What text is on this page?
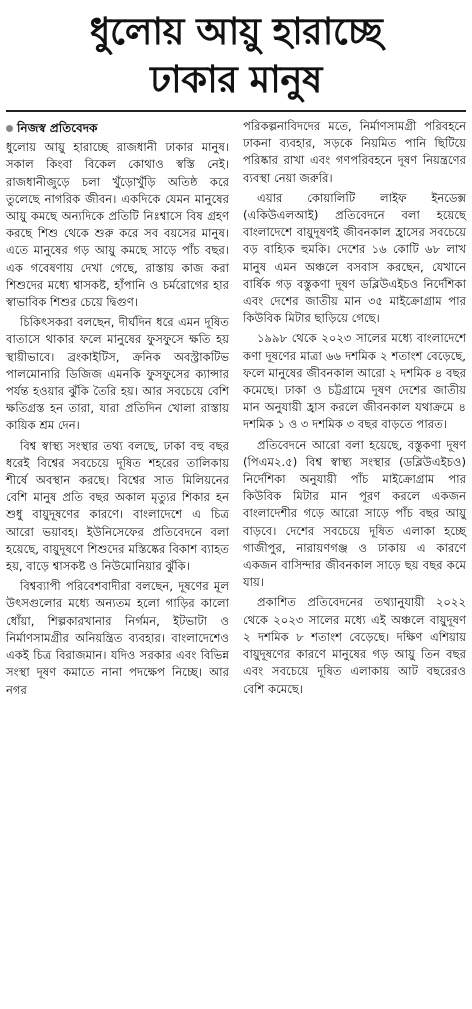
ধুলোয় আয়ু হারাচ্ছে
ঢাকার মানুষ
নিজস্ব প্রতিবেদক

ধুলোয় আয়ু হারাচ্ছে রাজধানী ঢাকার মানুষ। সকাল কিংবা বিকেল কোথাও স্বস্তি নেই। রাজধানীজুড়ে চলা খুঁড়োখুঁড়ি অতিষ্ঠ করে তুলেছে নাগরিক জীবন। একদিকে যেমন মানুষের আয়ু কমছে অন্যদিকে প্রতিটি নিঃশ্বাসে বিষ গ্রহণ করছে শিশু থেকে শুরু করে সব বয়সের মানুষ। এতে মানুষের গড় আয়ু কমছে সাড়ে পাঁচ বছর। এক গবেষণায় দেখা গেছে, রাস্তায় কাজ করা শিশুদের মধ্যে শ্বাসকষ্ট, হাঁপানি ও চর্মরোগের হার স্বাভাবিক শিশুর চেয়ে দ্বিগুণ।

চিকিৎসকরা বলছেন, দীর্ঘদিন ধরে এমন দূষিত বাতাসে থাকার ফলে মানুষের ফুসফুসে ক্ষতি হয় স্থায়ীভাবে। ব্রংকাইটিস, ক্রনিক অবস্ট্রাকটিভ পালমোনারি ডিজিজ এমনকি ফুসফুসের ক্যান্সার পর্যন্ত হওয়ার ঝুঁকি তৈরি হয়। আর সবচেয়ে বেশি ক্ষতিগ্রস্ত হন তারা, যারা প্রতিদিন খোলা রাস্তায় কায়িক শ্রম দেন।

বিশ্ব স্বাস্থ্য সংস্থার তথ্য বলছে, ঢাকা বহু বছর ধরেই বিশ্বের সবচেয়ে দূষিত শহরের তালিকায় শীর্ষে অবস্থান করছে। বিশ্বের সাত মিলিয়নের বেশি মানুষ প্রতি বছর অকাল মৃত্যুর শিকার হন শুধু বায়ুদূষণের কারণে। বাংলাদেশে এ চিত্র আরো ভয়াবহ। ইউনিসেফের প্রতিবেদনে বলা হয়েছে, বায়ুদূষণে শিশুদের মস্তিষ্কের বিকাশ ব্যাহত হয়, বাড়ে শ্বাসকষ্ট ও নিউমোনিয়ার ঝুঁকি।

বিশ্বব্যাপী পরিবেশবাদীরা বলছেন, দূষণের মূল উৎসগুলোর মধ্যে অন্যতম হলো গাড়ির কালো ধোঁয়া, শিল্পকারখানার নির্গমন, ইটভাটা ও নির্মাণসামগ্রীর অনিয়ন্ত্রিত ব্যবহার। বাংলাদেশেও একই চিত্র বিরাজমান। যদিও সরকার এবং বিভিন্ন সংস্থা দূষণ কমাতে নানা পদক্ষেপ নিচ্ছে। আর নগর

পরিকল্পনাবিদদের মতে, নির্মাণসামগ্রী পরিবহনে ঢাকনা ব্যবহার, সড়কে নিয়মিত পানি ছিটিয়ে পরিষ্কার রাখা এবং গণপরিবহনে দূষণ নিয়ন্ত্রণের ব্যবস্থা নেয়া জরুরি।

এয়ার কোয়ালিটি লাইফ ইনডেক্স (একিউএলআই) প্রতিবেদনে বলা হয়েছে বাংলাদেশে বায়ুদূষণই জীবনকাল হ্রাসের সবচেয়ে বড় বাহ্যিক হুমকি। দেশের ১৬ কোটি ৬৮ লাখ মানুষ এমন অঞ্চলে বসবাস করছেন, যেখানে বার্ষিক গড় বস্তুকণা দূষণ ডব্লিউএইচও নির্দেশিকা এবং দেশের জাতীয় মান ৩৫ মাইক্রোগ্রাম পার কিউবিক মিটার ছাড়িয়ে গেছে।

১৯৯৮ থেকে ২০২৩ সালের মধ্যে বাংলাদেশে কণা দূষণের মাত্রা ৬৬ দশমিক ২ শতাংশ বেড়েছে, ফলে মানুষের জীবনকাল আরো ২ দশমিক ৪ বছর কমেছে। ঢাকা ও চট্টগ্রামে দূষণ দেশের জাতীয় মান অনুযায়ী হ্রাস করলে জীবনকাল যথাক্রমে ৪ দশমিক ১ ও ৩ দশমিক ৩ বছর বাড়তে পারত।

প্রতিবেদনে আরো বলা হয়েছে, বস্তুকণা দূষণ (পিএম২.৫) বিশ্ব স্বাস্থ্য সংস্থার (ডব্লিউএইচও) নির্দেশিকা অনুযায়ী পাঁচ মাইক্রোগ্রাম পার কিউবিক মিটার মান পূরণ করলে একজন বাংলাদেশীর গড়ে আরো সাড়ে পাঁচ বছর আয়ু বাড়বে। দেশের সবচেয়ে দূষিত এলাকা হচ্ছে গাজীপুর, নারায়ণগঞ্জ ও ঢাকায় এ কারণে একজন বাসিন্দার জীবনকাল সাড়ে ছয় বছর কমে যায়।

প্রকাশিত প্রতিবেদনের তথ্যানুযায়ী ২০২২ থেকে ২০২৩ সালের মধ্যে এই অঞ্চলে বায়ুদূষণ ২ দশমিক ৮ শতাংশ বেড়েছে। দক্ষিণ এশিয়ায় বায়ুদূষণের কারণে মানুষের গড় আয়ু তিন বছর এবং সবচেয়ে দূষিত এলাকায় আট বছরেরও বেশি কমেছে।
